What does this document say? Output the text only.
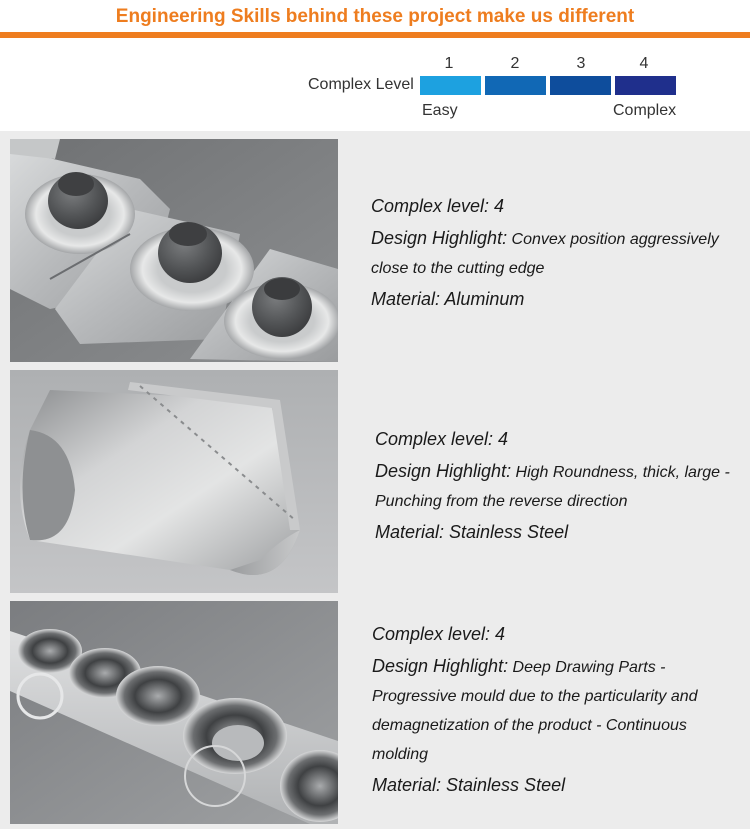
Engineering Skills behind these project make us different
Complex Level
1	2	3	4
Easy	Complex
Complex level: 4
Design Highlight: Convex position aggressively
close to the cutting edge
Material: Aluminum
Complex level: 4
Design Highlight: High Roundness, thick, large -
Punching from the reverse direction
Material: Stainless Steel
Complex level: 4
Design Highlight: Deep Drawing Parts -
Progressive mould due to the particularity and
demagnetization of the product - Continuous
molding
Material: Stainless Steel
